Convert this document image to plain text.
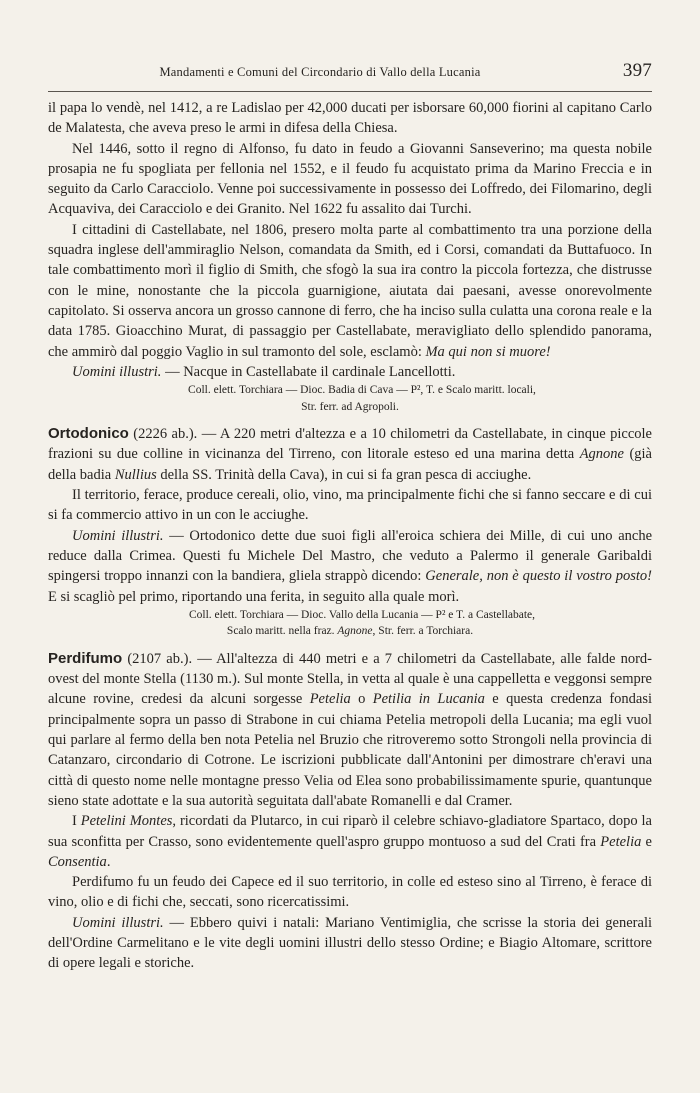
Mandamenti e Comuni del Circondario di Vallo della Lucania	397

il papa lo vendè, nel 1412, a re Ladislao per 42,000 ducati per isborsare 60,000 fiorini al capitano Carlo de Malatesta, che aveva preso le armi in difesa della Chiesa.

Nel 1446, sotto il regno di Alfonso, fu dato in feudo a Giovanni Sanseverino; ma questa nobile prosapia ne fu spogliata per fellonia nel 1552, e il feudo fu acquistato prima da Marino Freccia e in seguito da Carlo Caracciolo. Venne poi successivamente in possesso dei Loffredo, dei Filomarino, degli Acquaviva, dei Caracciolo e dei Granito. Nel 1622 fu assalito dai Turchi.

I cittadini di Castellabate, nel 1806, presero molta parte al combattimento tra una porzione della squadra inglese dell'ammiraglio Nelson, comandata da Smith, ed i Corsi, comandati da Buttafuoco. In tale combattimento morì il figlio di Smith, che sfogò la sua ira contro la piccola fortezza, che distrusse con le mine, nonostante che la piccola guarnigione, aiutata dai paesani, avesse onorevolmente capitolato. Si osserva ancora un grosso cannone di ferro, che ha inciso sulla culatta una corona reale e la data 1785. Gioacchino Murat, di passaggio per Castellabate, meravigliato dello splendido panorama, che ammirò dal poggio Vaglio in sul tramonto del sole, esclamò: Ma qui non si muore!

Uomini illustri. — Nacque in Castellabate il cardinale Lancellotti.

Coll. elett. Torchiara — Dioc. Badia di Cava — P², T. e Scalo maritt. locali,
Str. ferr. ad Agropoli.

Ortodonico (2226 ab.). — A 220 metri d'altezza e a 10 chilometri da Castellabate, in cinque piccole frazioni su due colline in vicinanza del Tirreno, con litorale esteso ed una marina detta Agnone (già della badia Nullius della SS. Trinità della Cava), in cui si fa gran pesca di acciughe.

Il territorio, ferace, produce cereali, olio, vino, ma principalmente fichi che si fanno seccare e di cui si fa commercio attivo in un con le acciughe.

Uomini illustri. — Ortodonico dette due suoi figli all'eroica schiera dei Mille, di cui uno anche reduce dalla Crimea. Questi fu Michele Del Mastro, che veduto a Palermo il generale Garibaldi spingersi troppo innanzi con la bandiera, gliela strappò dicendo: Generale, non è questo il vostro posto! E si scagliò pel primo, riportando una ferita, in seguito alla quale morì.

Coll. elett. Torchiara — Dioc. Vallo della Lucania — P² e T. a Castellabate,
Scalo maritt. nella fraz. Agnone, Str. ferr. a Torchiara.

Perdifumo (2107 ab.). — All'altezza di 440 metri e a 7 chilometri da Castellabate, alle falde nord-ovest del monte Stella (1130 m.). Sul monte Stella, in vetta al quale è una cappelletta e veggonsi sempre alcune rovine, credesi da alcuni sorgesse Petelia o Petilia in Lucania e questa credenza fondasi principalmente sopra un passo di Strabone in cui chiama Petelia metropoli della Lucania; ma egli vuol qui parlare al fermo della ben nota Petelia nel Bruzio che ritroveremo sotto Strongoli nella provincia di Catanzaro, circondario di Cotrone. Le iscrizioni pubblicate dall'Antonini per dimostrare ch'eravi una città di questo nome nelle montagne presso Velia od Elea sono probabilissimamente spurie, quantunque sieno state adottate e la sua autorità seguitata dall'abate Romanelli e dal Cramer.

I Petelini Montes, ricordati da Plutarco, in cui riparò il celebre schiavo-gladiatore Spartaco, dopo la sua sconfitta per Crasso, sono evidentemente quell'aspro gruppo montuoso a sud del Crati fra Petelia e Consentia.

Perdifumo fu un feudo dei Capece ed il suo territorio, in colle ed esteso sino al Tirreno, è ferace di vino, olio e di fichi che, seccati, sono ricercatissimi.

Uomini illustri. — Ebbero quivi i natali: Mariano Ventimiglia, che scrisse la storia dei generali dell'Ordine Carmelitano e le vite degli uomini illustri dello stesso Ordine; e Biagio Altomare, scrittore di opere legali e storiche.
